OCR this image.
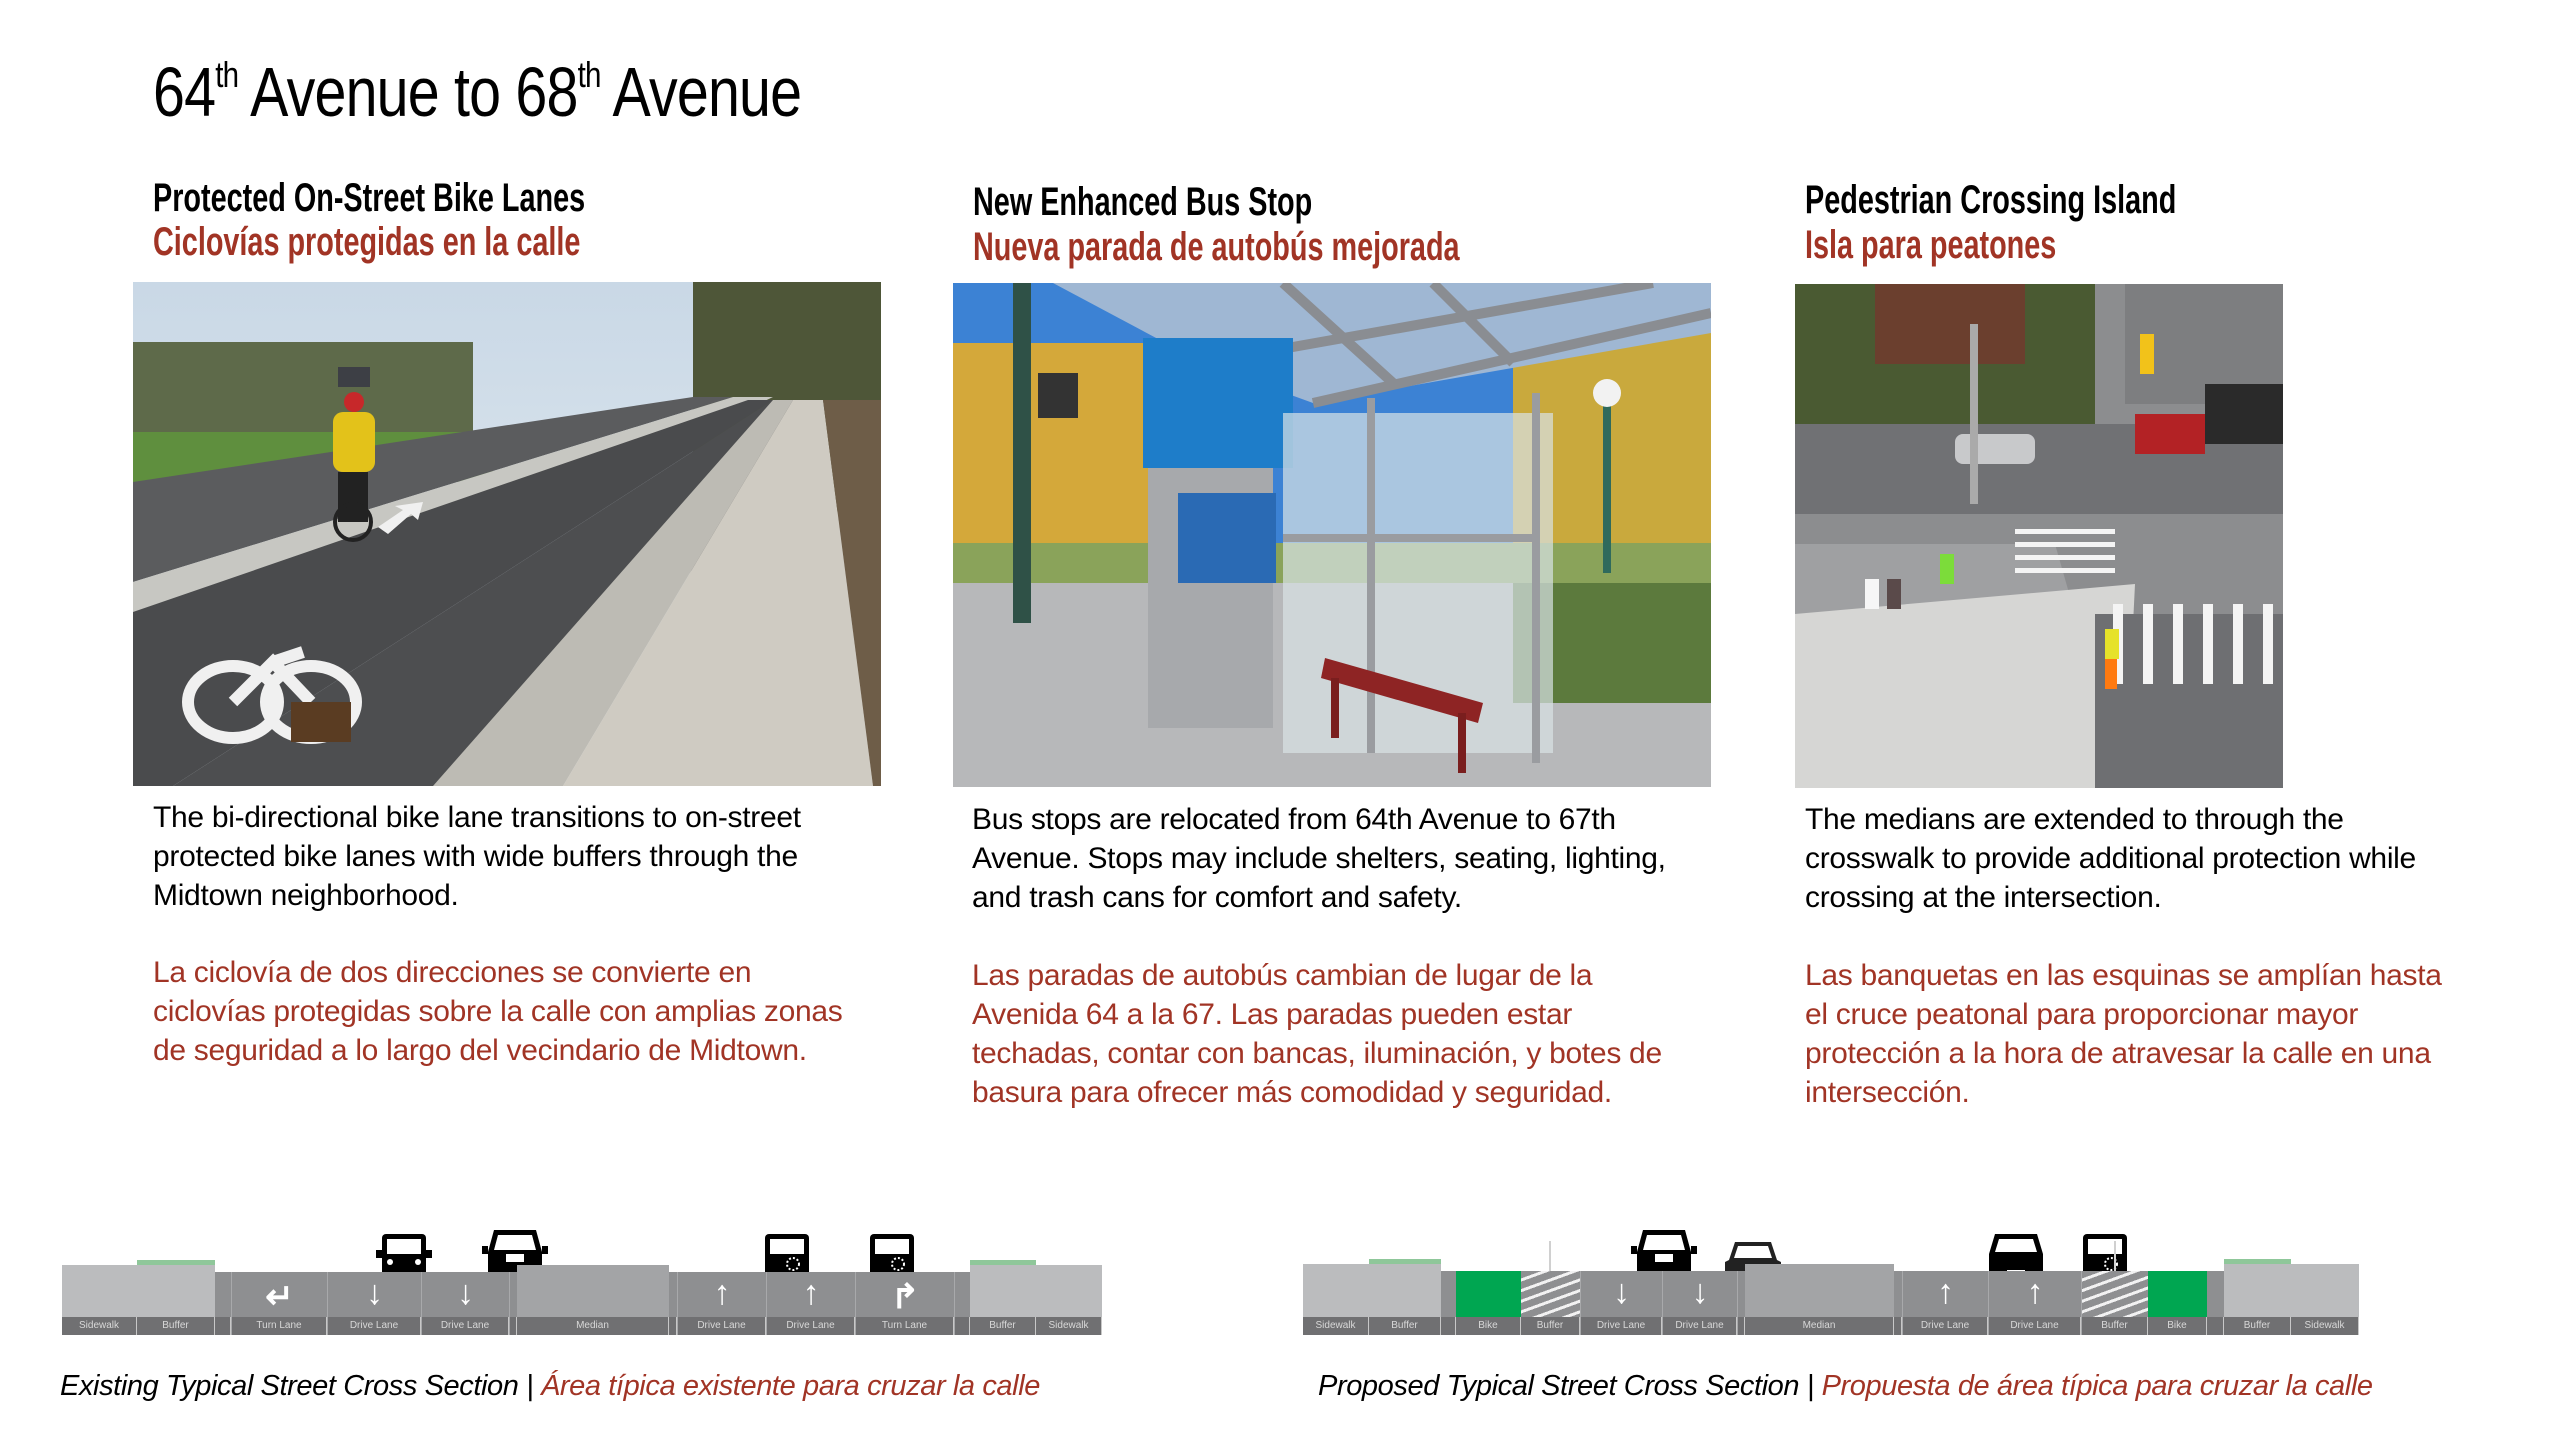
64th Avenue to 68th Avenue
Protected On-Street Bike Lanes
Ciclovías protegidas en la calle
The bi-directional bike lane transitions to on-street protected bike lanes with wide buffers through the Midtown neighborhood.
La ciclovía de dos direcciones se convierte en ciclovías protegidas sobre la calle con amplias zonas de seguridad a lo largo del vecindario de Midtown.
New Enhanced Bus Stop
Nueva parada de autobús mejorada
Bus stops are relocated from 64th Avenue to 67th Avenue. Stops may include shelters, seating, lighting, and trash cans for comfort and safety.
Las paradas de autobús cambian de lugar de la Avenida 64 a la 67. Las paradas pueden estar techadas, contar con bancas, iluminación, y botes de basura para ofrecer más comodidad y seguridad.
Pedestrian Crossing Island
Isla para peatones
The medians are extended to through the crosswalk to provide additional protection while crossing at the intersection.
Las banquetas en las esquinas se amplían hasta el cruce peatonal para proporcionar mayor protección a la hora de atravesar la calle en una intersección.
Sidewalk	Buffer
↵
Turn Lane
↓
Drive Lane
↓
Drive Lane	Median
↑
Drive Lane
↑
Drive Lane
↱
Turn Lane	Buffer	Sidewalk
Existing Typical Street Cross Section | Área típica existente para cruzar la calle
Sidewalk	Buffer	Bike	Buffer
↓
Drive Lane
↓
Drive Lane	Median
↑
Drive Lane
↑
Drive Lane	Buffer	Bike	Buffer	Sidewalk
Proposed Typical Street Cross Section | Propuesta de área típica para cruzar la calle
